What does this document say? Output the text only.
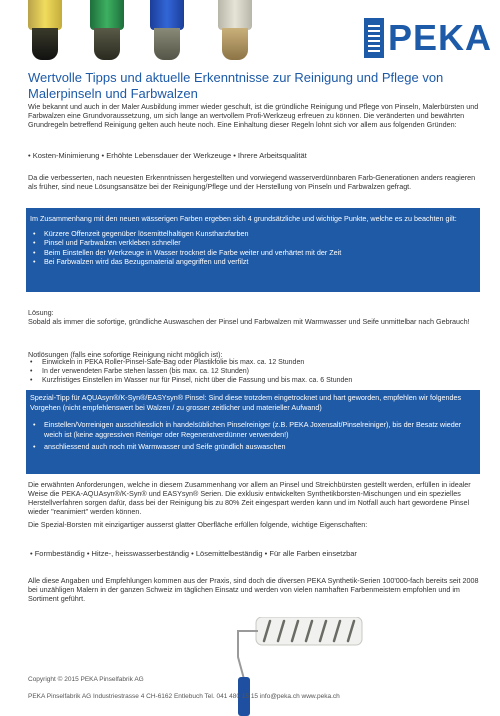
PEKA
Wertvolle Tipps und aktuelle Erkenntnisse zur Reinigung und Pflege von Malerpinseln und Farbwalzen

Wie bekannt und auch in der Maler Ausbildung immer wieder geschult, ist die gründliche Reinigung und Pflege von Pinseln, Malerbürsten und Farbwalzen eine Grundvoraussetzung, um sich lange an wertvollem Profi-Werkzeug erfreuen zu können. Die veränderten und bewährten Grundregeln betreffend Reinigung gelten auch heute noch. Eine Einhaltung dieser Regeln lohnt sich vor allem aus folgenden Gründen:

• Kosten-Minimierung • Erhöhte Lebensdauer der Werkzeuge • Ihrere Arbeitsqualität

Da die verbesserten, nach neuesten Erkenntnissen hergestellten und vorwiegend wasserverdünnbaren Farb-Generationen anders reagieren als früher, sind neue Lösungsansätze bei der Reinigung/Pflege und der Herstellung von Pinseln und Farbwalzen gefragt.

Im Zusammenhang mit den neuen wässerigen Farben ergeben sich 4 grundsätzliche und wichtige Punkte, welche es zu beachten gilt:
• Kürzere Offenzeit gegenüber lösemittelhaltigen Kunstharzfarben
• Pinsel und Farbwalzen verkleben schneller
• Beim Einstellen der Werkzeuge in Wasser trocknet die Farbe weiter und verhärtet mit der Zeit
• Bei Farbwalzen wird das Bezugsmaterial angegriffen und verfilzt
Lösung:

Sobald als immer die sofortige, gründliche Auswaschen der Pinsel und Farbwalzen mit Warmwasser und Seife unmittelbar nach Gebrauch!

Notlösungen (falls eine sofortige Reinigung nicht möglich ist):
• Einwickeln in PEKA Roller-Pinsel-Safe-Bag oder Plastikfolie bis max. ca. 12 Stunden
• In der verwendeten Farbe stehen lassen (bis max. ca. 12 Stunden)
• Kurzfristiges Einstellen im Wasser nur für Pinsel, nicht über die Fassung und bis max. ca. 6 Stunden
Spezial-Tipp für AQUAsyn®/K-Syn®/EASYsyn® Pinsel: Sind diese trotzdem eingetrocknet und hart geworden, empfehlen wir folgendes Vorgehen (nicht empfehlenswert bei Walzen / zu grosser zeitlicher und materieller Aufwand)
• Einstellen/Vorreinigen ausschliesslich in handelsüblichen Pinselreiniger (z.B. PEKA Joxensalt/Pinselreiniger), bis der Besatz wieder weich ist (keine aggressiven Reiniger oder Regeneratverdünner verwenden!)
• anschliessend auch noch mit Warmwasser und Seife gründlich auswaschen

Die erwähnten Anforderungen, welche in diesem Zusammenhang vor allem an Pinsel und Streichbürsten gestellt werden, erfüllen in idealer Weise die PEKA-AQUAsyn®/K-Syn® und EASYsyn® Serien. Die exklusiv entwickelten Synthetikborsten-Mischungen und ein spezielles Herstellverfahren sorgen dafür, dass bei der Reinigung bis zu 80% Zeit eingespart werden kann und im Notfall auch hart gewordene Pinsel wieder "reanimiert" werden können.

Die Spezial-Borsten mit einzigartiger ausserst glatter Oberfläche erfüllen folgende, wichtige Eigenschaften:

• Formbeständig • Hitze-, heisswasserbeständig • Lösemittelbeständig • Für alle Farben einsetzbar

Alle diese Angaben und Empfehlungen kommen aus der Praxis, sind doch die diversen PEKA Synthetik-Serien 100'000-fach bereits seit 2008 bei unzähligen Malern in der ganzen Schweiz im täglichen Einsatz und werden von vielen namhaften Farbenmeistern empfohlen und im Sortiment geführt.

Copyright © 2015 PEKA Pinselfabrik AG
PEKA Pinselfabrik AG Industriestrasse 4 CH-6162 Entlebuch Tel. 041 480 15 15 info@peka.ch www.peka.ch
